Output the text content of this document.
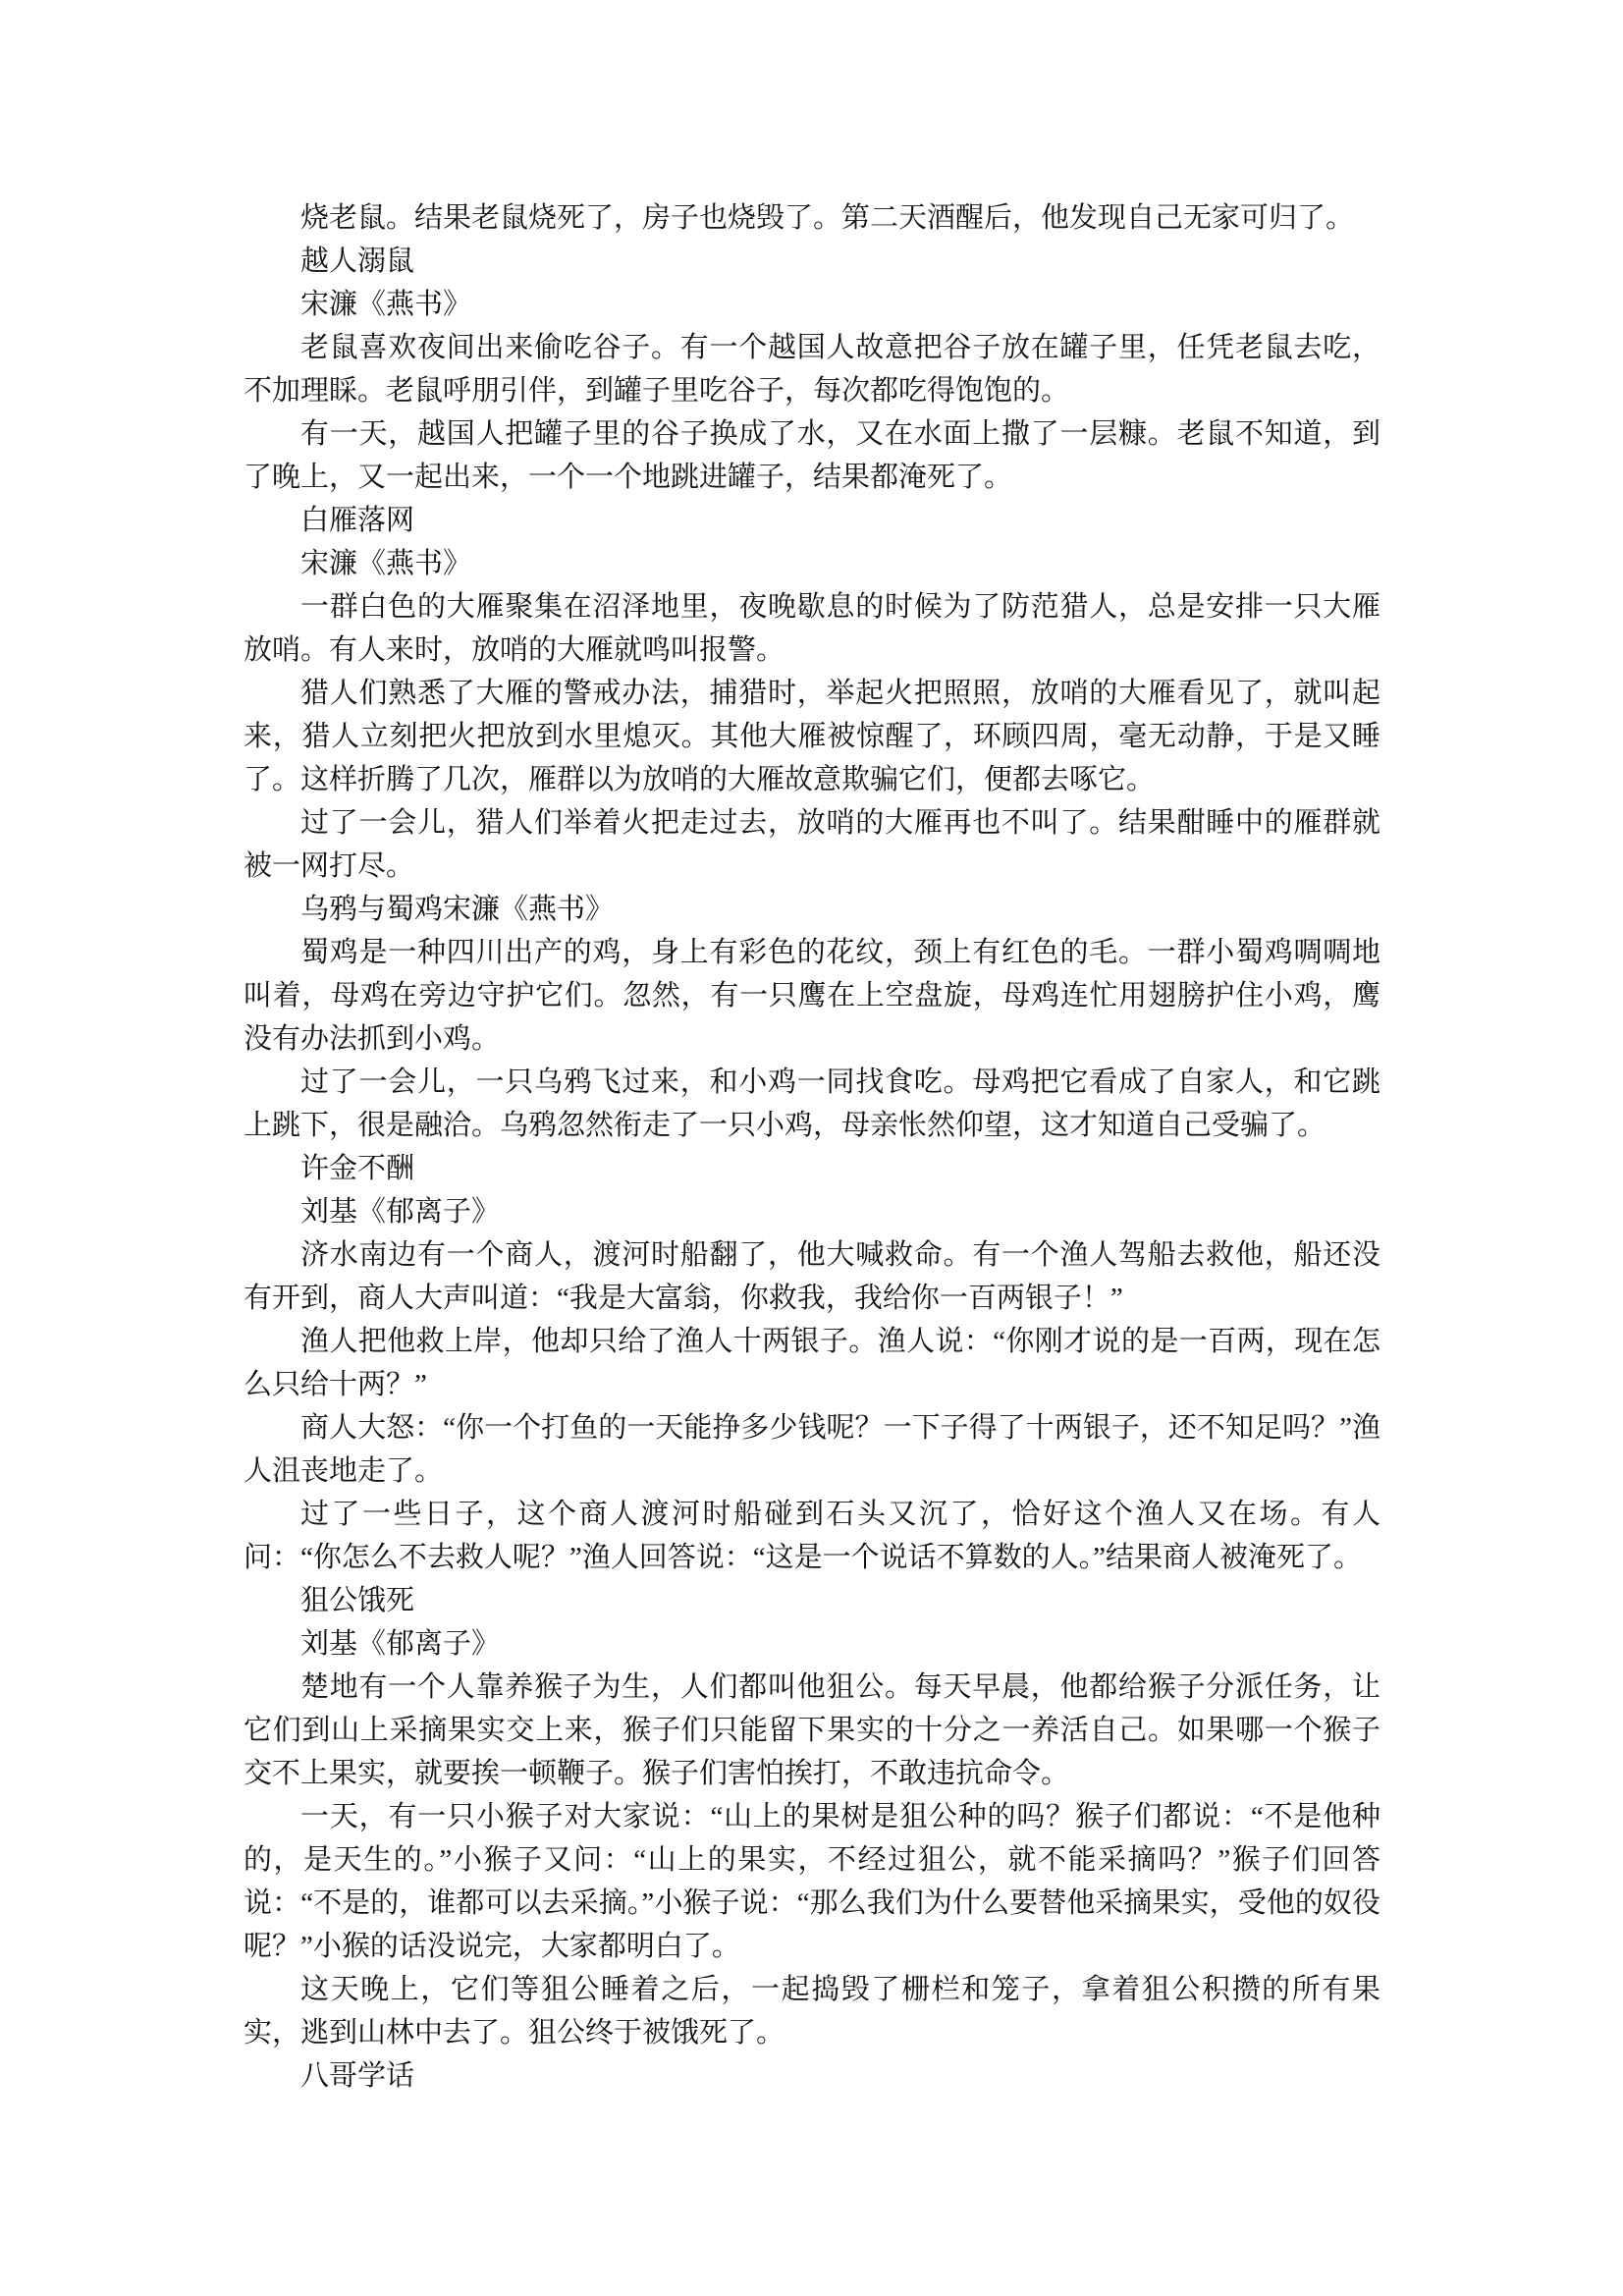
烧老鼠。结果老鼠烧死了，房子也烧毁了。第二天酒醒后，他发现自己无家可归了。

越人溺鼠

宋濂《燕书》

老鼠喜欢夜间出来偷吃谷子。有一个越国人故意把谷子放在罐子里，任凭老鼠去吃，不加理睬。老鼠呼朋引伴，到罐子里吃谷子，每次都吃得饱饱的。

有一天，越国人把罐子里的谷子换成了水，又在水面上撒了一层糠。老鼠不知道，到了晚上，又一起出来，一个一个地跳进罐子，结果都淹死了。

白雁落网

宋濂《燕书》

一群白色的大雁聚集在沼泽地里，夜晚歇息的时候为了防范猎人，总是安排一只大雁放哨。有人来时，放哨的大雁就鸣叫报警。

猎人们熟悉了大雁的警戒办法，捕猎时，举起火把照照，放哨的大雁看见了，就叫起来，猎人立刻把火把放到水里熄灭。其他大雁被惊醒了，环顾四周，毫无动静，于是又睡了。这样折腾了几次，雁群以为放哨的大雁故意欺骗它们，便都去啄它。

过了一会儿，猎人们举着火把走过去，放哨的大雁再也不叫了。结果酣睡中的雁群就被一网打尽。

乌鸦与蜀鸡宋濂《燕书》

蜀鸡是一种四川出产的鸡，身上有彩色的花纹，颈上有红色的毛。一群小蜀鸡啁啁地叫着，母鸡在旁边守护它们。忽然，有一只鹰在上空盘旋，母鸡连忙用翅膀护住小鸡，鹰没有办法抓到小鸡。

过了一会儿，一只乌鸦飞过来，和小鸡一同找食吃。母鸡把它看成了自家人，和它跳上跳下，很是融洽。乌鸦忽然衔走了一只小鸡，母亲怅然仰望，这才知道自己受骗了。

许金不酬

刘基《郁离子》

济水南边有一个商人，渡河时船翻了，他大喊救命。有一个渔人驾船去救他，船还没有开到，商人大声叫道：“我是大富翁，你救我，我给你一百两银子！”

渔人把他救上岸，他却只给了渔人十两银子。渔人说：“你刚才说的是一百两，现在怎么只给十两？”

商人大怒：“你一个打鱼的一天能挣多少钱呢？一下子得了十两银子，还不知足吗？”渔人沮丧地走了。

过了一些日子，这个商人渡河时船碰到石头又沉了，恰好这个渔人又在场。有人问：“你怎么不去救人呢？”渔人回答说：“这是一个说话不算数的人。”结果商人被淹死了。

狙公饿死

刘基《郁离子》

楚地有一个人靠养猴子为生，人们都叫他狙公。每天早晨，他都给猴子分派任务，让它们到山上采摘果实交上来，猴子们只能留下果实的十分之一养活自己。如果哪一个猴子交不上果实，就要挨一顿鞭子。猴子们害怕挨打，不敢违抗命令。

一天，有一只小猴子对大家说：“山上的果树是狙公种的吗？猴子们都说：“不是他种的，是天生的。”小猴子又问：“山上的果实，不经过狙公，就不能采摘吗？”猴子们回答说：“不是的，谁都可以去采摘。”小猴子说：“那么我们为什么要替他采摘果实，受他的奴役呢？”小猴的话没说完，大家都明白了。

这天晚上，它们等狙公睡着之后，一起捣毁了栅栏和笼子，拿着狙公积攒的所有果实，逃到山林中去了。狙公终于被饿死了。

八哥学话
